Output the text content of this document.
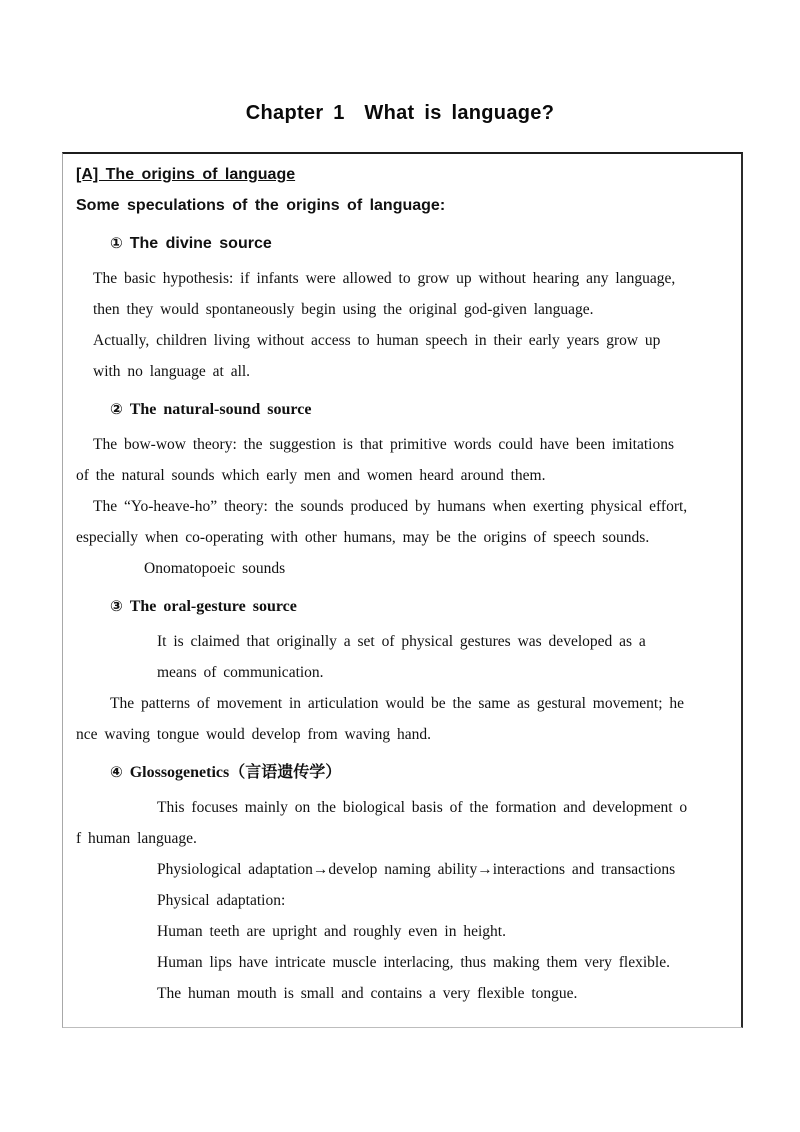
Chapter 1  What is language?
[A] The origins of language
Some speculations of the origins of language:
① The divine source
The basic hypothesis: if infants were allowed to grow up without hearing any language,
then they would spontaneously begin using the original god-given language.
Actually, children living without access to human speech in their early years grow up
with no language at all.
② The natural-sound source
The bow-wow theory: the suggestion is that primitive words could have been imitations
of the natural sounds which early men and women heard around them.
The “Yo-heave-ho” theory: the sounds produced by humans when exerting physical effort,
especially when co-operating with other humans, may be the origins of speech sounds.
Onomatopoeic sounds
③ The oral-gesture source
It is claimed that originally a set of physical gestures was developed as a
means of communication.
The patterns of movement in articulation would be the same as gestural movement; he
nce waving tongue would develop from waving hand.
④ Glossogenetics（言语遗传学）
This focuses mainly on the biological basis of the formation and development o
f human language.
Physiological adaptation→develop naming ability→interactions and transactions
Physical adaptation:
Human teeth are upright and roughly even in height.
Human lips have intricate muscle interlacing, thus making them very flexible.
The human mouth is small and contains a very flexible tongue.
